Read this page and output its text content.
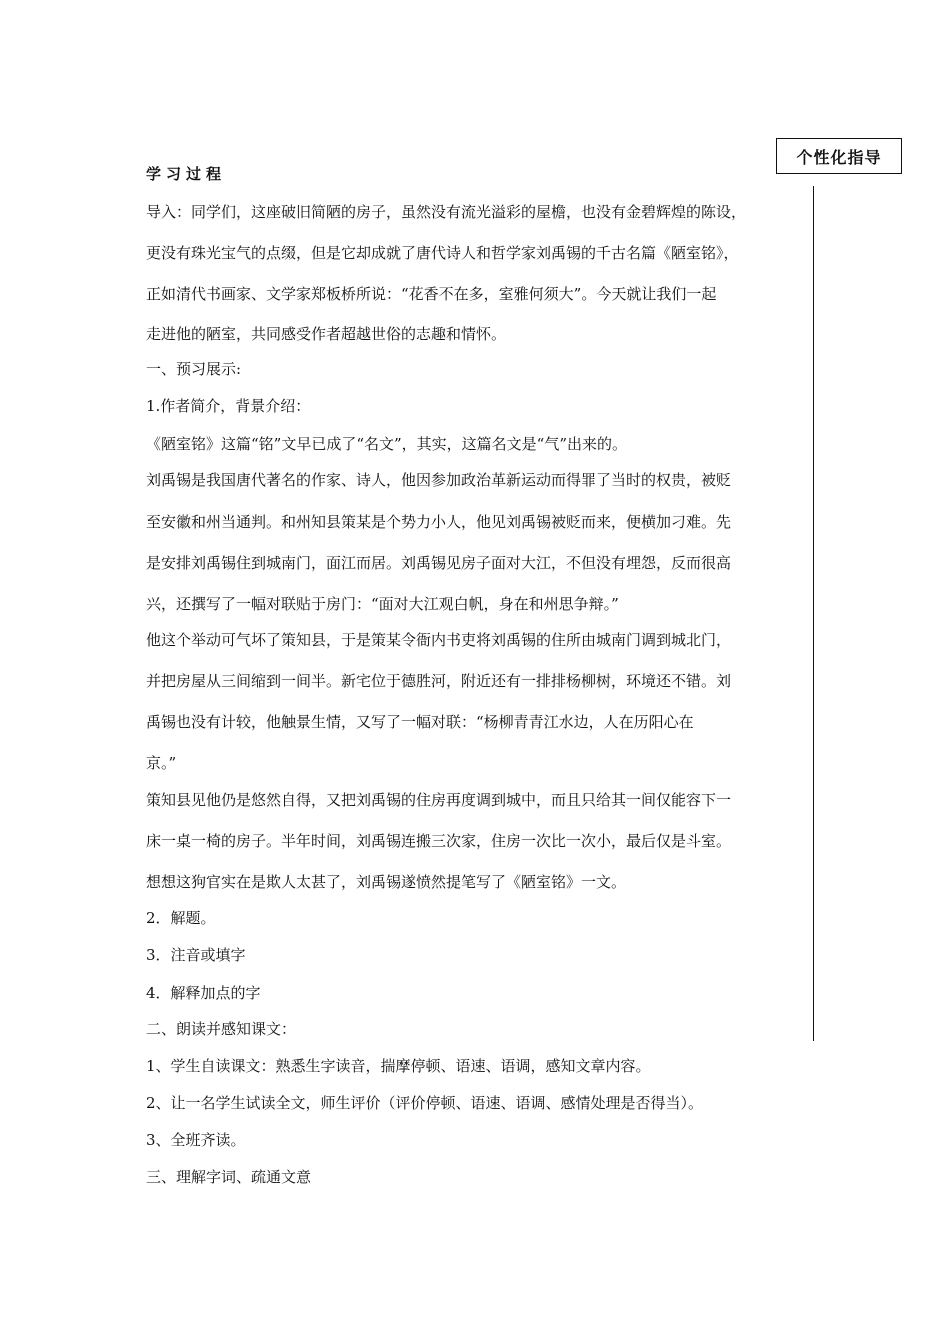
个性化指导
学习过程
导入：同学们，这座破旧简陋的房子，虽然没有流光溢彩的屋檐，也没有金碧辉煌的陈设，
更没有珠光宝气的点缀，但是它却成就了唐代诗人和哲学家刘禹锡的千古名篇《陋室铭》，
正如清代书画家、文学家郑板桥所说：“花香不在多，室雅何须大”。今天就让我们一起
走进他的陋室，共同感受作者超越世俗的志趣和情怀。
一、预习展示:
1.作者简介，背景介绍：
《陋室铭》这篇“铭”文早已成了“名文”，其实，这篇名文是“气”出来的。
刘禹锡是我国唐代著名的作家、诗人，他因参加政治革新运动而得罪了当时的权贵，被贬
至安徽和州当通判。和州知县策某是个势力小人，他见刘禹锡被贬而来，便横加刁难。先
是安排刘禹锡住到城南门，面江而居。刘禹锡见房子面对大江，不但没有埋怨，反而很高
兴，还撰写了一幅对联贴于房门：“面对大江观白帆，身在和州思争辩。”
他这个举动可气坏了策知县，于是策某令衙内书吏将刘禹锡的住所由城南门调到城北门，
并把房屋从三间缩到一间半。新宅位于德胜河，附近还有一排排杨柳树，环境还不错。刘
禹锡也没有计较，他触景生情，又写了一幅对联：“杨柳青青江水边，人在历阳心在
京。”
策知县见他仍是悠然自得，又把刘禹锡的住房再度调到城中，而且只给其一间仅能容下一
床一桌一椅的房子。半年时间，刘禹锡连搬三次家，住房一次比一次小，最后仅是斗室。
想想这狗官实在是欺人太甚了，刘禹锡遂愤然提笔写了《陋室铭》一文。
2．解题。
3．注音或填字
4．解释加点的字
二、朗读并感知课文：
1、学生自读课文：熟悉生字读音，揣摩停顿、语速、语调，感知文章内容。
2、让一名学生试读全文，师生评价（评价停顿、语速、语调、感情处理是否得当）。
3、全班齐读。
三、理解字词、疏通文意
